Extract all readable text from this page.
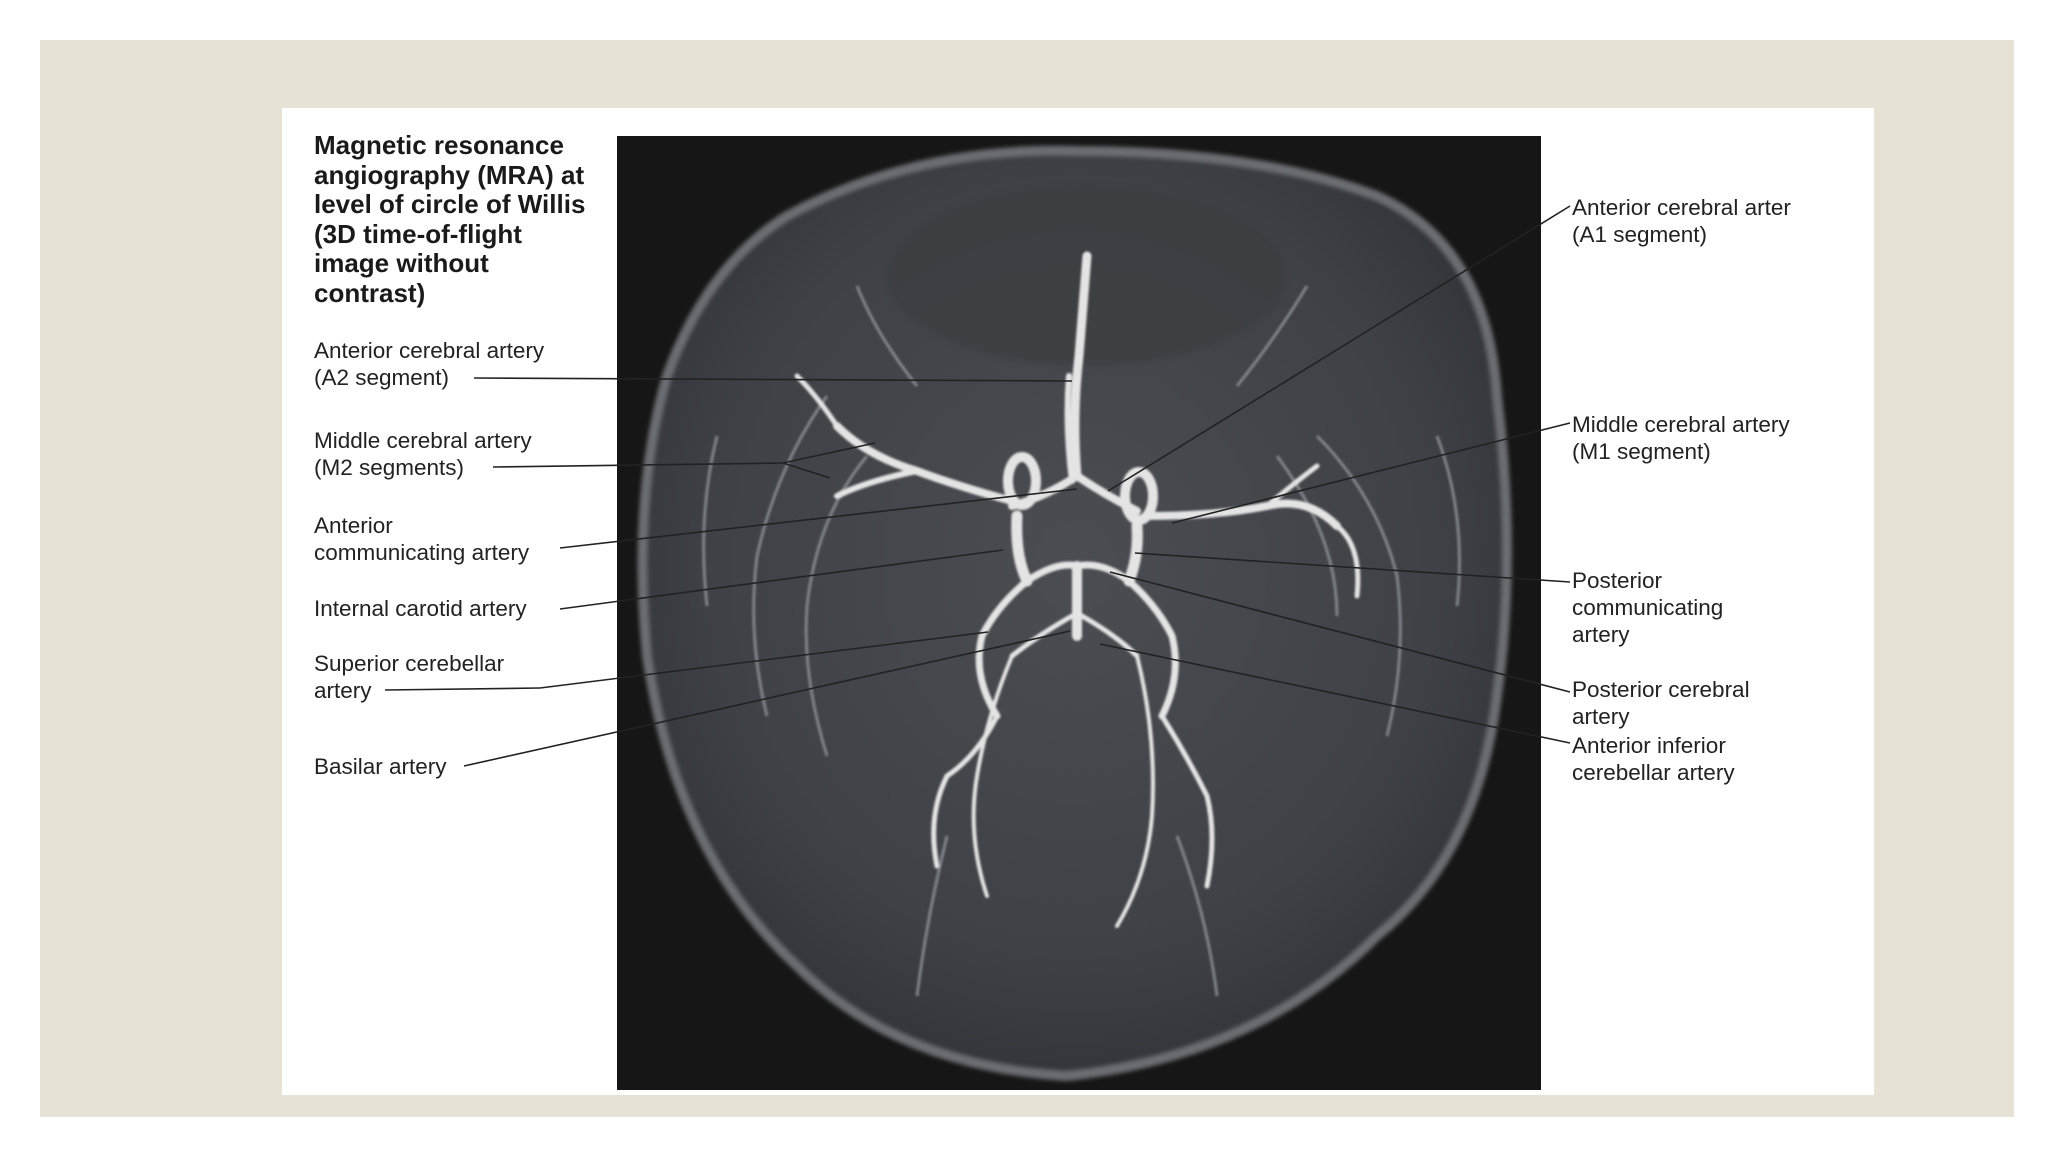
Magnetic resonance angiography (MRA) at level of circle of Willis (3D time-of-flight image without contrast)
Anterior cerebral artery
(A2 segment)
Middle cerebral artery
(M2 segments)
Anterior
communicating artery
Internal carotid artery
Superior cerebellar
artery
Basilar artery
Anterior cerebral arter
(A1 segment)
Middle cerebral artery
(M1 segment)
Posterior
communicating
artery
Posterior cerebral
artery
Anterior inferior
cerebellar artery
